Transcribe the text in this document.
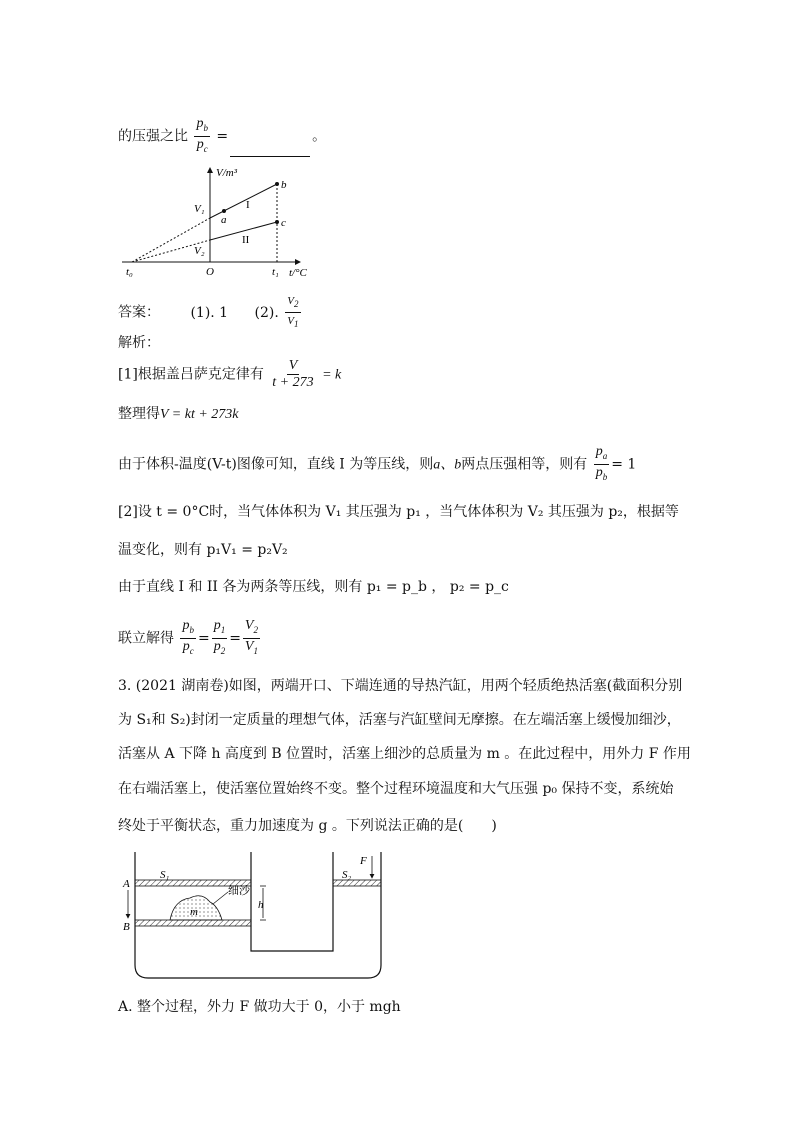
的压强之比 $\frac{p_b}{p_c}$ =	。
V/m³
t/°C
t₀	O	t₁
V₁
V₂
a
b
c
I
II
答案： (1). 1 (2). $\frac{V_2}{V_1}$
解析：
[1]根据盖吕萨克定律有 $\frac{V}{t + 273} = k$
整理得V = kt + 273k
由于体积-温度(V-t)图像可知，直线 I 为等压线，则a、b两点压强相等，则有 $\frac{p_a}{p_b} = 1$
[2]设 t = 0°C时，当气体体积为 V₁ 其压强为 p₁ ，当气体体积为 V₂ 其压强为 p₂，根据等
温变化，则有 p₁V₁ = p₂V₂
由于直线 I 和 II 各为两条等压线，则有 p₁ = p_b ， p₂ = p_c
联立解得 $\frac{p_b}{p_c} = \frac{p_1}{p_2} = \frac{V_2}{V_1}$
3. (2021 湖南卷)如图，两端开口、下端连通的导热汽缸，用两个轻质绝热活塞(截面积分别
为 S₁和 S₂)封闭一定质量的理想气体，活塞与汽缸壁间无摩擦。在左端活塞上缓慢加细沙，
活塞从 A 下降 h 高度到 B 位置时，活塞上细沙的总质量为 m 。在此过程中，用外力 F 作用
在右端活塞上，使活塞位置始终不变。整个过程环境温度和大气压强 p₀ 保持不变，系统始
终处于平衡状态，重力加速度为 g 。下列说法正确的是(　　)
S₁	S₂
F
A
B
h
m
细沙
A. 整个过程，外力 F 做功大于 0，小于 mgh
